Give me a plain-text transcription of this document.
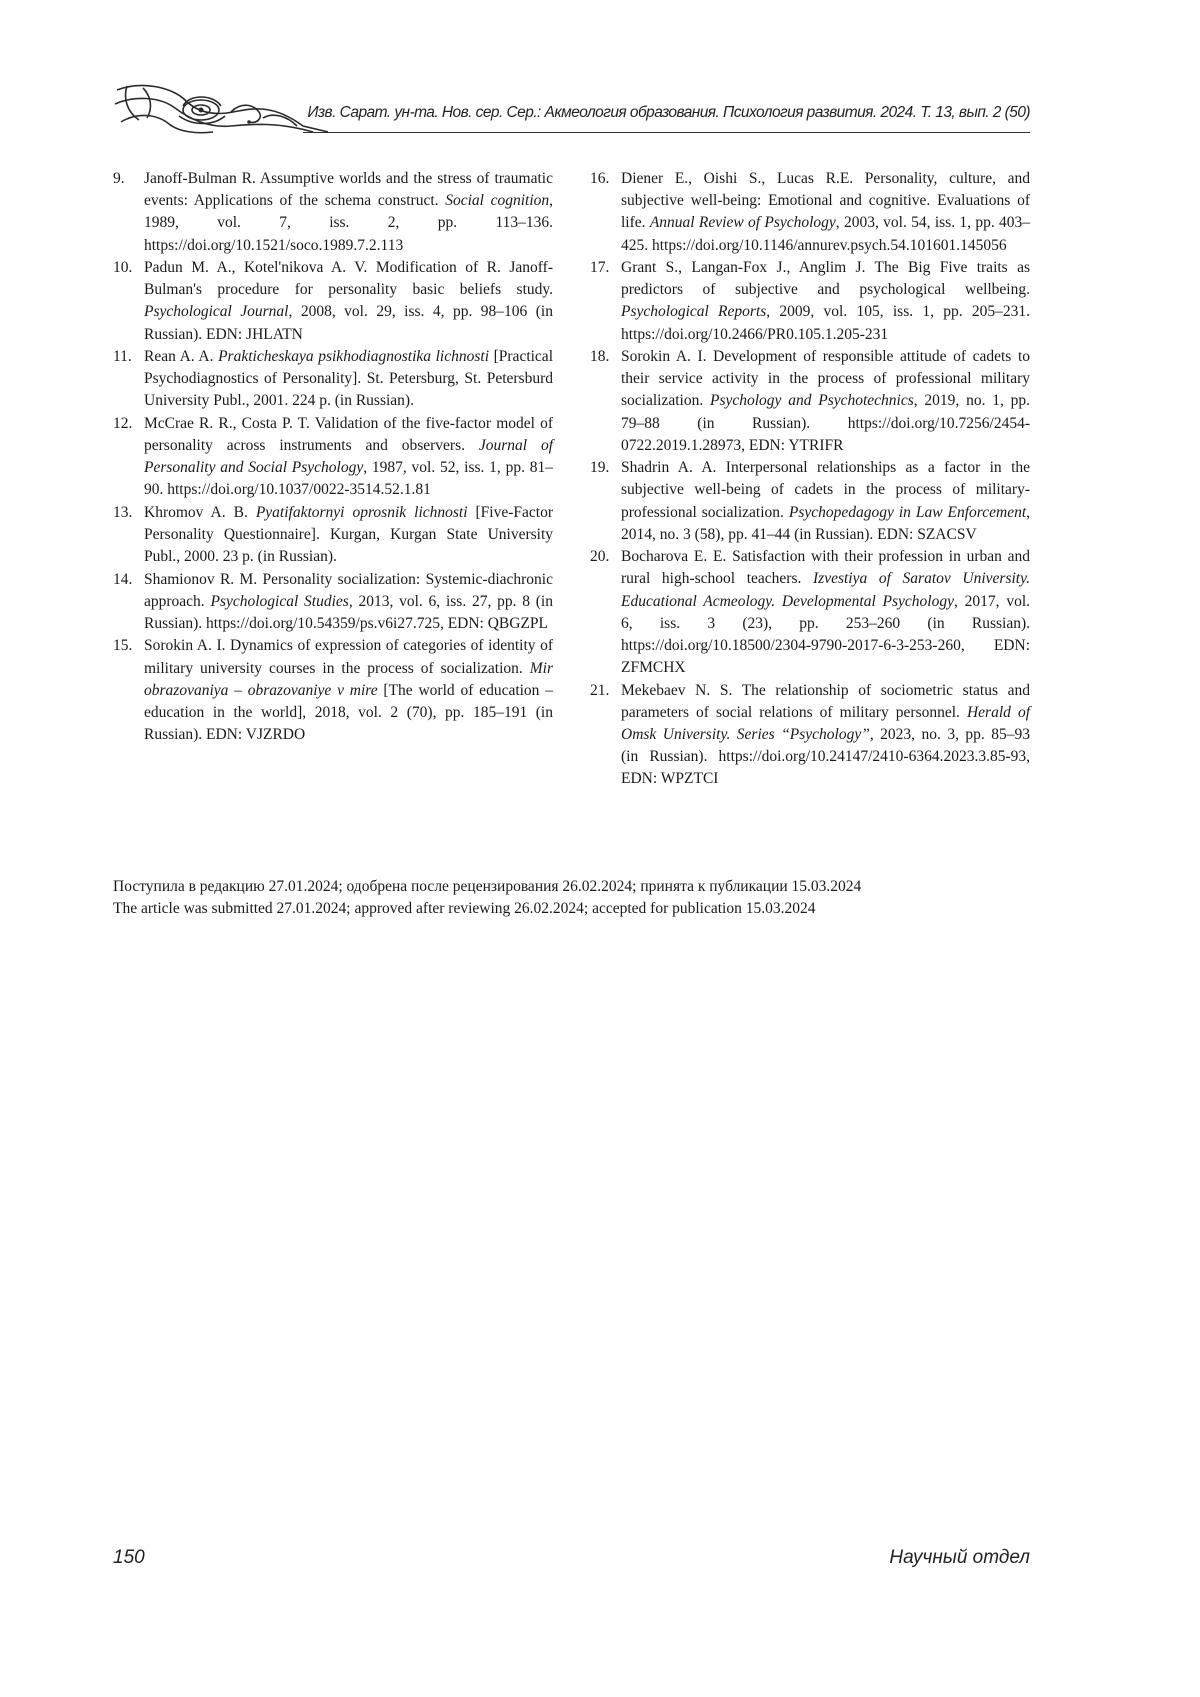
Изв. Сарат. ун-та. Нов. сер. Сер.: Акмеология образования. Психология развития. 2024. Т. 13, вып. 2 (50)
9. Janoff-Bulman R. Assumptive worlds and the stress of traumatic events: Applications of the schema construct. Social cognition, 1989, vol. 7, iss. 2, pp. 113–136. https://doi.org/10.1521/soco.1989.7.2.113
10. Padun M. A., Kotel'nikova A. V. Modification of R. Janoff-Bulman's procedure for personality basic beliefs study. Psychological Journal, 2008, vol. 29, iss. 4, pp. 98–106 (in Russian). EDN: JHLATN
11. Rean A. A. Prakticheskaya psikhodiagnostika lichnosti [Practical Psychodiagnostics of Personality]. St. Petersburg, St. Petersburd University Publ., 2001. 224 p. (in Russian).
12. McCrae R. R., Costa P. T. Validation of the five-factor model of personality across instruments and observers. Journal of Personality and Social Psychology, 1987, vol. 52, iss. 1, pp. 81–90. https://doi.org/10.1037/0022-3514.52.1.81
13. Khromov A. B. Pyatifaktornyi oprosnik lichnosti [Five-Factor Personality Questionnaire]. Kurgan, Kurgan State University Publ., 2000. 23 p. (in Russian).
14. Shamionov R. M. Personality socialization: Systemic-diachronic approach. Psychological Studies, 2013, vol. 6, iss. 27, pp. 8 (in Russian). https://doi.org/10.54359/ps.v6i27.725, EDN: QBGZPL
15. Sorokin A. I. Dynamics of expression of categories of identity of military university courses in the process of socialization. Mir obrazovaniya – obrazovaniye v mire [The world of education – education in the world], 2018, vol. 2 (70), pp. 185–191 (in Russian). EDN: VJZRDO
16. Diener E., Oishi S., Lucas R.E. Personality, culture, and subjective well-being: Emotional and cognitive. Evaluations of life. Annual Review of Psychology, 2003, vol. 54, iss. 1, pp. 403–425. https://doi.org/10.1146/annurev.psych.54.101601.145056
17. Grant S., Langan-Fox J., Anglim J. The Big Five traits as predictors of subjective and psychological wellbeing. Psychological Reports, 2009, vol. 105, iss. 1, pp. 205–231. https://doi.org/10.2466/PR0.105.1.205-231
18. Sorokin A. I. Development of responsible attitude of cadets to their service activity in the process of professional military socialization. Psychology and Psychotechnics, 2019, no. 1, pp. 79–88 (in Russian). https://doi.org/10.7256/2454-0722.2019.1.28973, EDN: YTRIFR
19. Shadrin A. A. Interpersonal relationships as a factor in the subjective well-being of cadets in the process of military-professional socialization. Psychopedagogy in Law Enforcement, 2014, no. 3 (58), pp. 41–44 (in Russian). EDN: SZACSV
20. Bocharova E. E. Satisfaction with their profession in urban and rural high-school teachers. Izvestiya of Saratov University. Educational Acmeology. Developmental Psychology, 2017, vol. 6, iss. 3 (23), pp. 253–260 (in Russian). https://doi.org/10.18500/2304-9790-2017-6-3-253-260, EDN: ZFMCHX
21. Mekebaev N. S. The relationship of sociometric status and parameters of social relations of military personnel. Herald of Omsk University. Series “Psychology”, 2023, no. 3, pp. 85–93 (in Russian). https://doi.org/10.24147/2410-6364.2023.3.85-93, EDN: WPZTCI
Поступила в редакцию 27.01.2024; одобрена после рецензирования 26.02.2024; принята к публикации 15.03.2024
The article was submitted 27.01.2024; approved after reviewing 26.02.2024; accepted for publication 15.03.2024
150	Научный отдел
